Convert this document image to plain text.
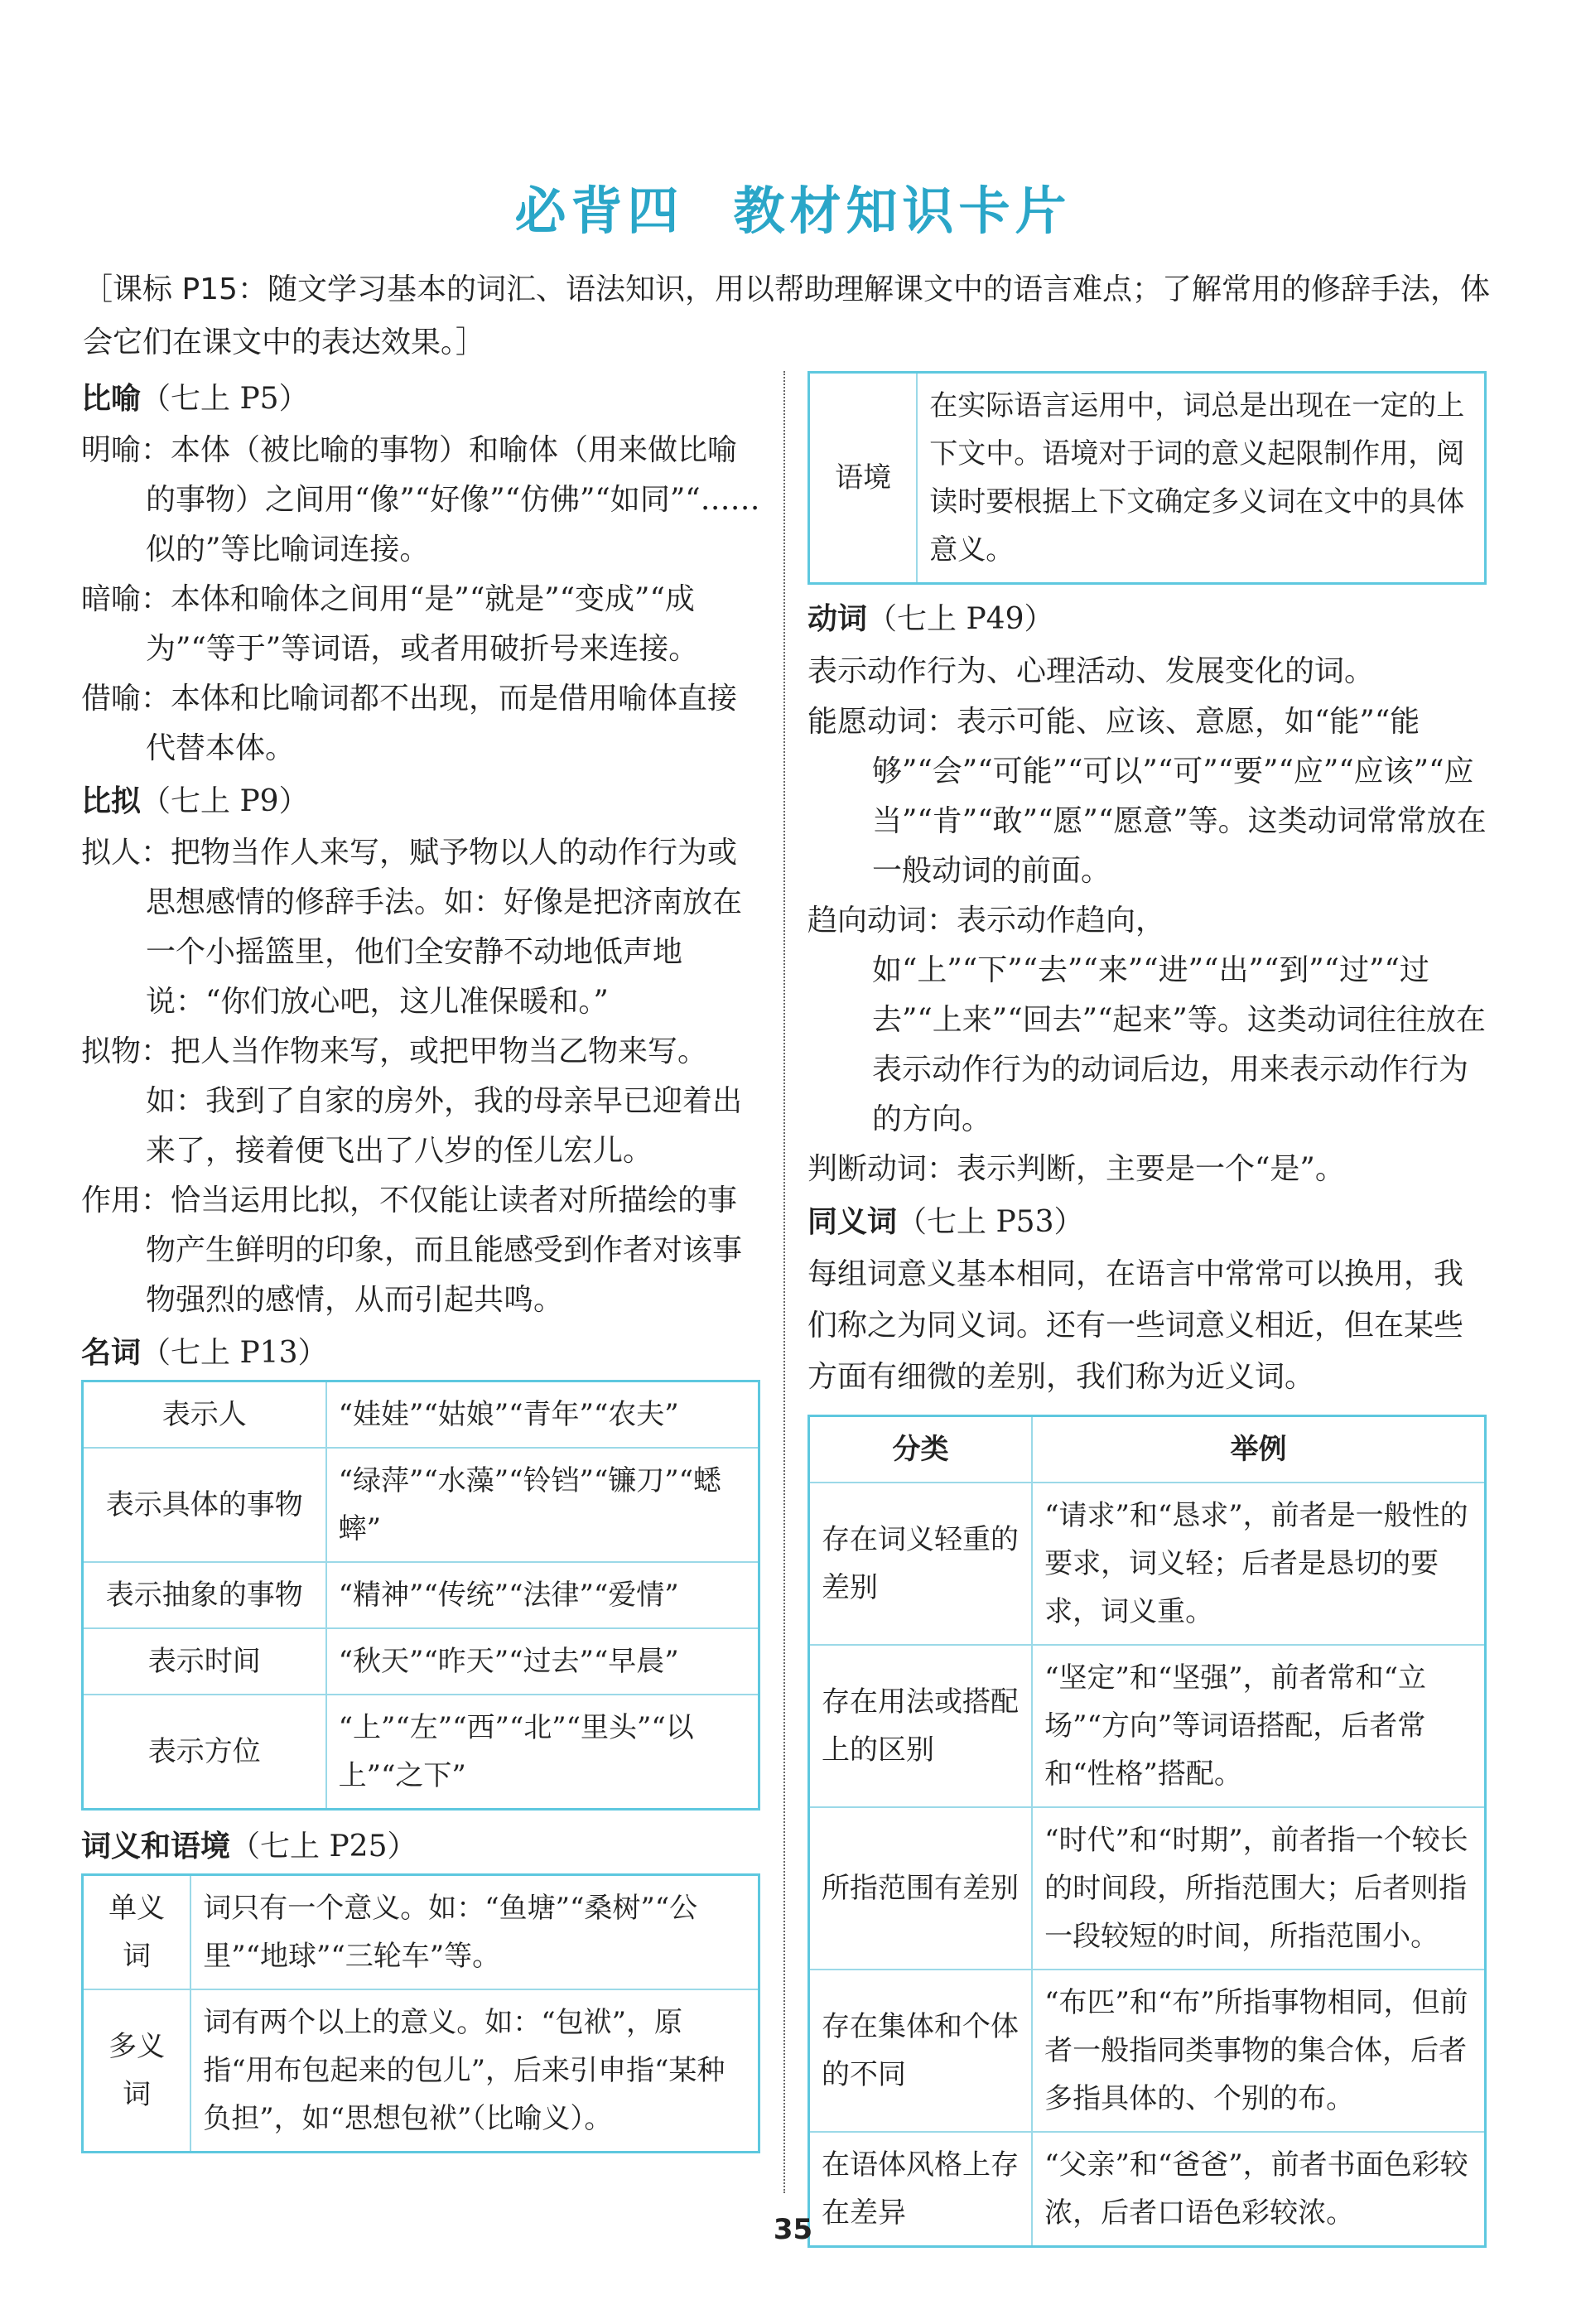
必背四 教材知识卡片
［课标 P15：随文学习基本的词汇、语法知识，用以帮助理解课文中的语言难点；了解常用的修辞手法，体会它们在课文中的表达效果。］
比喻（七上 P5）
明喻：本体（被比喻的事物）和喻体（用来做比喻的事物）之间用“像”“好像”“仿佛”“如同”“……似的”等比喻词连接。
暗喻：本体和喻体之间用“是”“就是”“变成”“成为”“等于”等词语，或者用破折号来连接。
借喻：本体和比喻词都不出现，而是借用喻体直接代替本体。
比拟（七上 P9）
拟人：把物当作人来写，赋予物以人的动作行为或思想感情的修辞手法。如：好像是把济南放在一个小摇篮里，他们全安静不动地低声地说：“你们放心吧，这儿准保暖和。”
拟物：把人当作物来写，或把甲物当乙物来写。如：我到了自家的房外，我的母亲早已迎着出来了，接着便飞出了八岁的侄儿宏儿。
作用：恰当运用比拟，不仅能让读者对所描绘的事物产生鲜明的印象，而且能感受到作者对该事物强烈的感情，从而引起共鸣。
名词（七上 P13）
表示人	“娃娃”“姑娘”“青年”“农夫”
表示具体的事物	“绿萍”“水藻”“铃铛”“镰刀”“蟋蟀”
表示抽象的事物	“精神”“传统”“法律”“爱情”
表示时间	“秋天”“昨天”“过去”“早晨”
表示方位	“上”“左”“西”“北”“里头”“以上”“之下”
词义和语境（七上 P25）
单义词	词只有一个意义。如：“鱼塘”“桑树”“公里”“地球”“三轮车”等。
多义词	词有两个以上的意义。如：“包袱”，原指“用布包起来的包儿”，后来引申指“某种负担”，如“思想包袱”（比喻义）。
语境	在实际语言运用中，词总是出现在一定的上下文中。语境对于词的意义起限制作用，阅读时要根据上下文确定多义词在文中的具体意义。
动词（七上 P49）
表示动作行为、心理活动、发展变化的词。
能愿动词：表示可能、应该、意愿，如“能”“能够”“会”“可能”“可以”“可”“要”“应”“应该”“应当”“肯”“敢”“愿”“愿意”等。这类动词常常放在一般动词的前面。
趋向动词：表示动作趋向，如“上”“下”“去”“来”“进”“出”“到”“过”“过去”“上来”“回去”“起来”等。这类动词往往放在表示动作行为的动词后边，用来表示动作行为的方向。
判断动词：表示判断，主要是一个“是”。
同义词（七上 P53）
每组词意义基本相同，在语言中常常可以换用，我们称之为同义词。还有一些词意义相近，但在某些方面有细微的差别，我们称为近义词。
分类	举例
存在词义轻重的差别	“请求”和“恳求”，前者是一般性的要求，词义轻；后者是恳切的要求，词义重。
存在用法或搭配上的区别	“坚定”和“坚强”，前者常和“立场”“方向”等词语搭配，后者常和“性格”搭配。
所指范围有差别	“时代”和“时期”，前者指一个较长的时间段，所指范围大；后者则指一段较短的时间，所指范围小。
存在集体和个体的不同	“布匹”和“布”所指事物相同，但前者一般指同类事物的集合体，后者多指具体的、个别的布。
在语体风格上存在差异	“父亲”和“爸爸”，前者书面色彩较浓，后者口语色彩较浓。
35
